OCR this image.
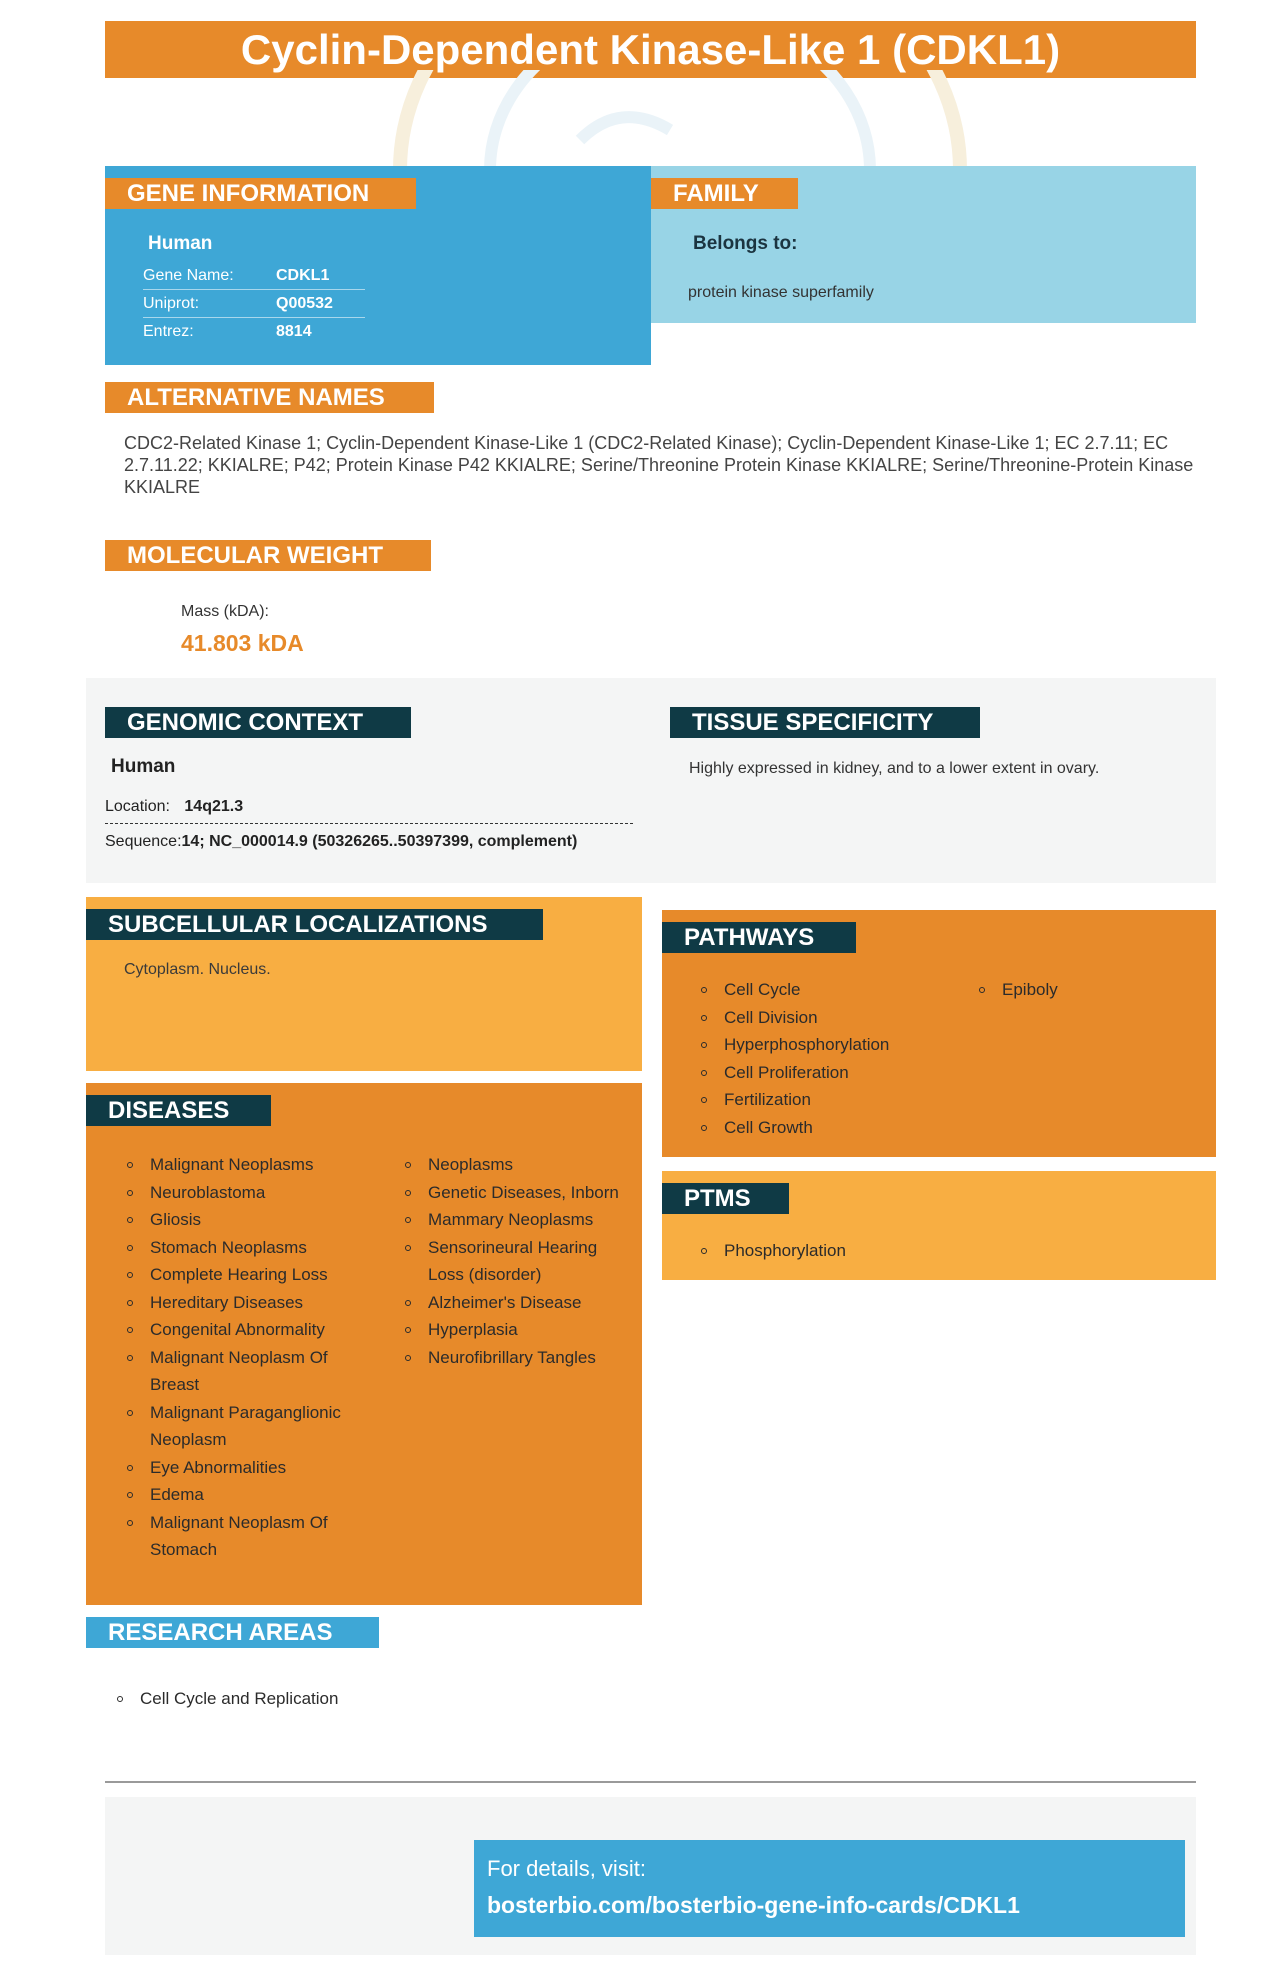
Cyclin-Dependent Kinase-Like 1 (CDKL1)
GENE INFORMATION
Human
Gene Name:	CDKL1
Uniprot:	Q00532
Entrez:	8814
FAMILY
Belongs to:
protein kinase superfamily
ALTERNATIVE NAMES
CDC2-Related Kinase 1; Cyclin-Dependent Kinase-Like 1 (CDC2-Related Kinase); Cyclin-Dependent Kinase-Like 1; EC 2.7.11; EC 2.7.11.22; KKIALRE; P42; Protein Kinase P42 KKIALRE; Serine/Threonine Protein Kinase KKIALRE; Serine/Threonine-Protein Kinase KKIALRE
MOLECULAR WEIGHT
Mass (kDA):
41.803 kDA
GENOMIC CONTEXT
Human
Location: 14q21.3
Sequence:14; NC_000014.9 (50326265..50397399, complement)
TISSUE SPECIFICITY
Highly expressed in kidney, and to a lower extent in ovary.
SUBCELLULAR LOCALIZATIONS
Cytoplasm. Nucleus.
PATHWAYS
Cell Cycle
Cell Division
Hyperphosphorylation
Cell Proliferation
Fertilization
Cell Growth
Epiboly
PTMS
Phosphorylation
DISEASES
Malignant Neoplasms
Neuroblastoma
Gliosis
Stomach Neoplasms
Complete Hearing Loss
Hereditary Diseases
Congenital Abnormality
Malignant Neoplasm Of Breast
Malignant Paraganglionic Neoplasm
Eye Abnormalities
Edema
Malignant Neoplasm Of Stomach
Neoplasms
Genetic Diseases, Inborn
Mammary Neoplasms
Sensorineural Hearing Loss (disorder)
Alzheimer's Disease
Hyperplasia
Neurofibrillary Tangles
RESEARCH AREAS
Cell Cycle and Replication
For details, visit:
bosterbio.com/bosterbio-gene-info-cards/CDKL1
